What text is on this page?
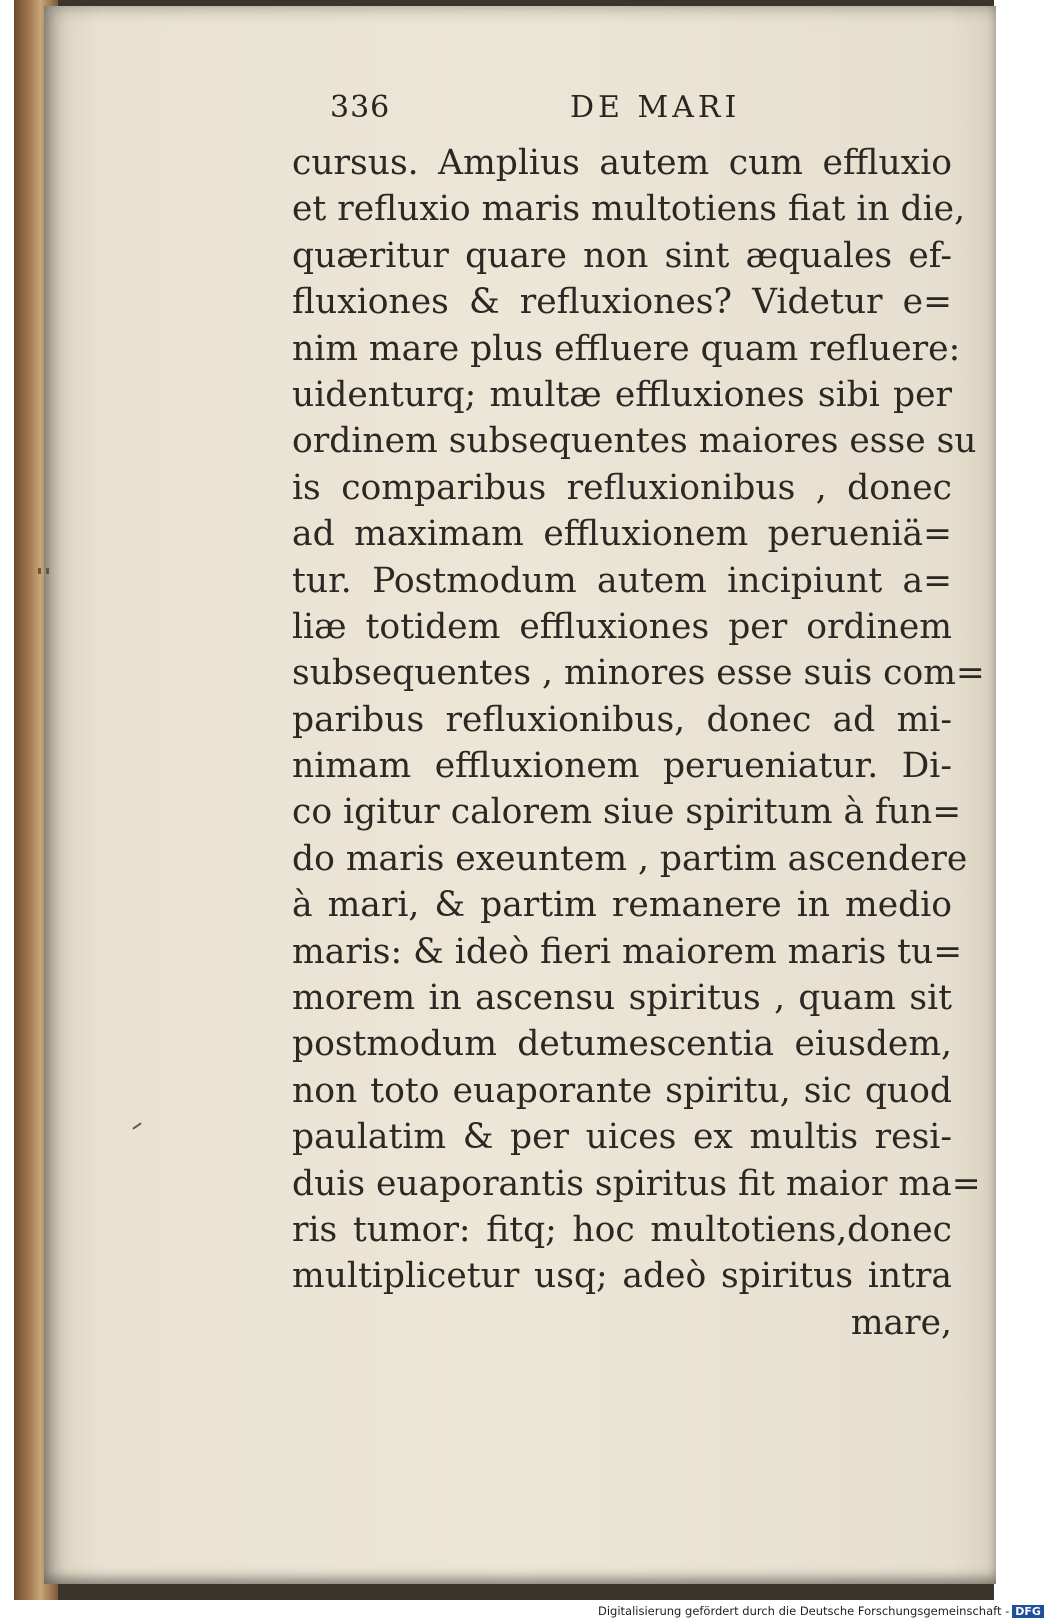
336	DE MARI
cursus. Amplius autem cum effluxio
et refluxio maris multotiens fiat in die,
quæritur quare non sint æquales ef-
fluxiones & refluxiones? Videtur e=
nim mare plus effluere quam refluere:
uidenturq; multæ effluxiones sibi per
ordinem subsequentes maiores esse su
is comparibus refluxionibus , donec
ad maximam effluxionem perueniä=
tur. Postmodum autem incipiunt a=
liæ totidem effluxiones per ordinem
subsequentes , minores esse suis com=
paribus refluxionibus, donec ad mi-
nimam effluxionem perueniatur. Di-
co igitur calorem siue spiritum à fun=
do maris exeuntem , partim ascendere
à mari, & partim remanere in medio
maris: & ideò fieri maiorem maris tu=
morem in ascensu spiritus , quam sit
postmodum detumescentia eiusdem,
non toto euaporante spiritu, sic quod
paulatim & per uices ex multis resi-
duis euaporantis spiritus fit maior ma=
ris tumor: fitq; hoc multotiens,donec
multiplicetur usq; adeò spiritus intra
mare,
Digitalisierung gefördert durch die Deutsche Forschungsgemeinschaft - DFG
